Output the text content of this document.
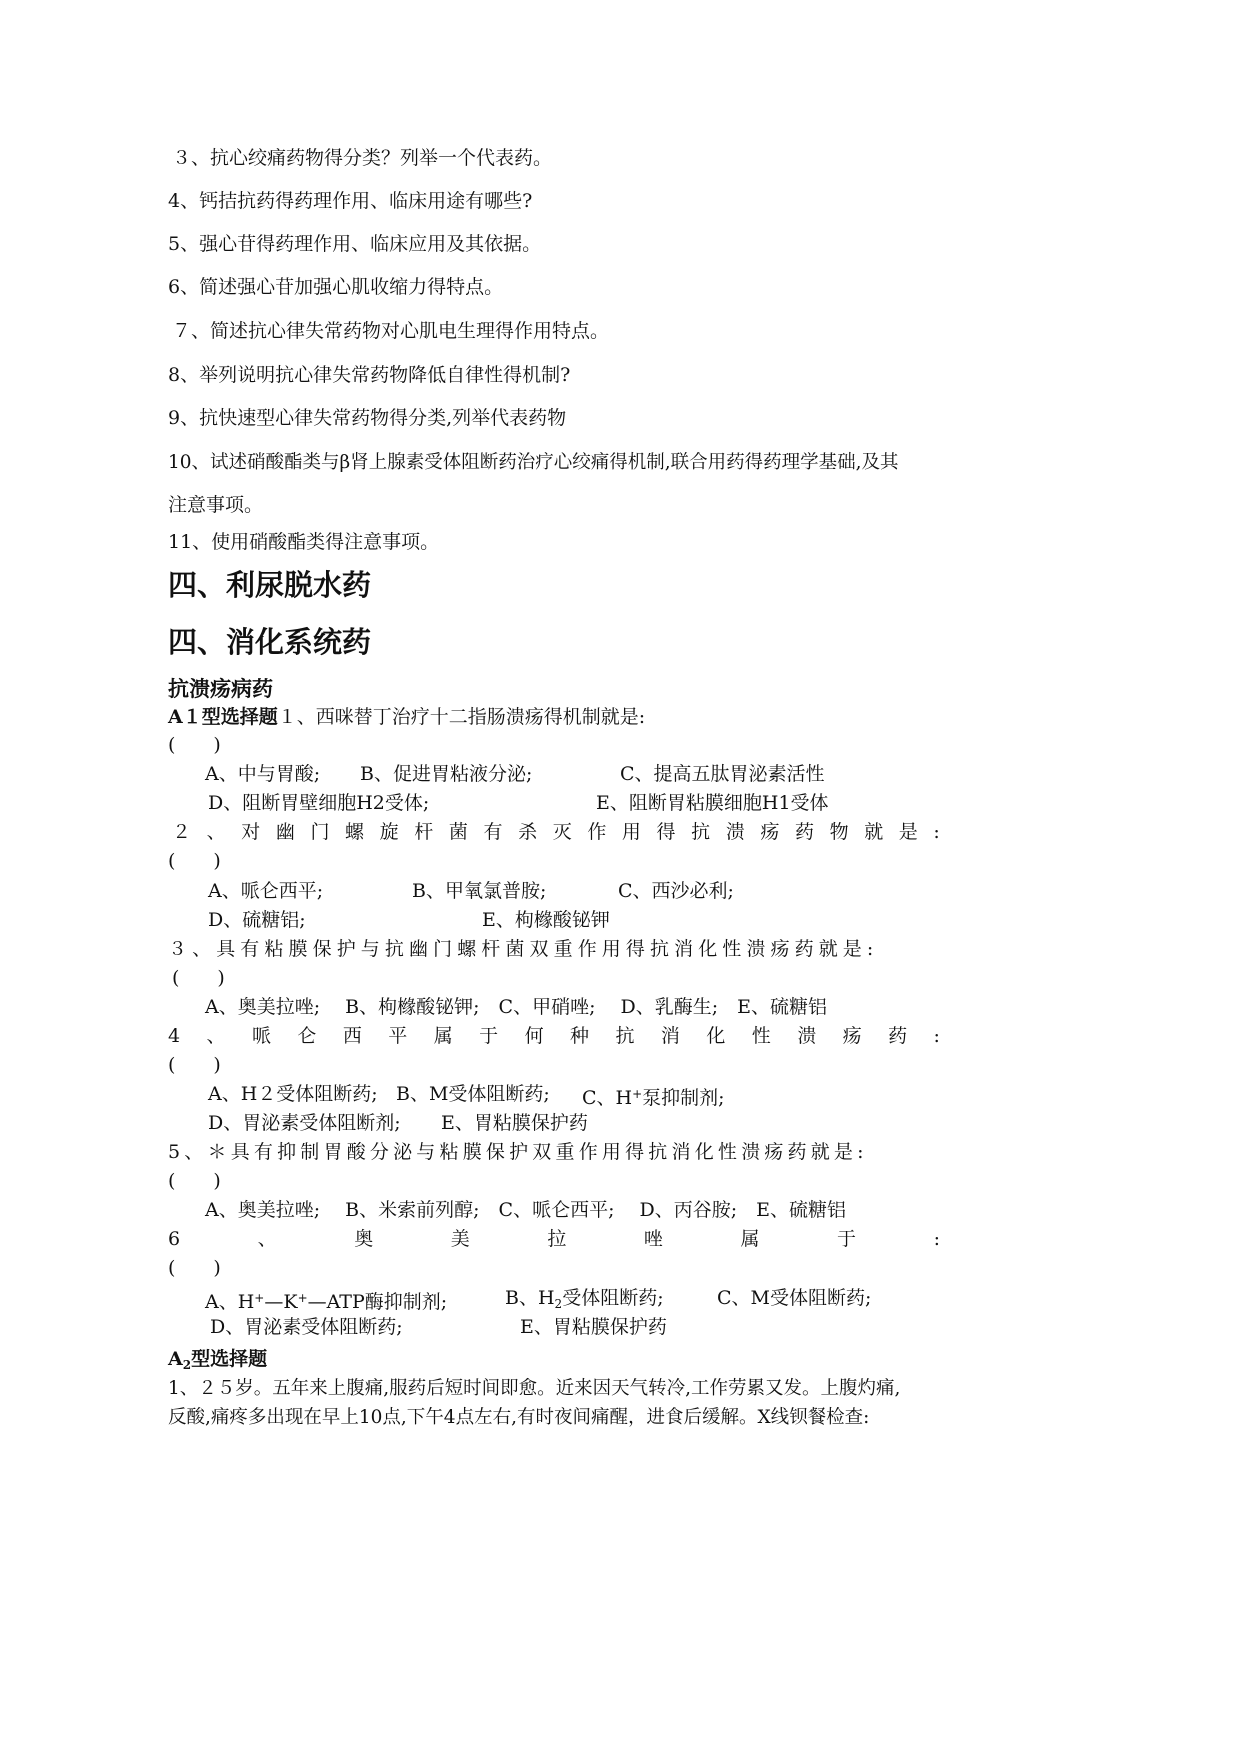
３、抗心绞痛药物得分类？列举一个代表药。
4、钙拮抗药得药理作用、临床用途有哪些?
5、强心苷得药理作用、临床应用及其依据。
6、简述强心苷加强心肌收缩力得特点。
７、简述抗心律失常药物对心肌电生理得作用特点。
8、举列说明抗心律失常药物降低自律性得机制?
9、抗快速型心律失常药物得分类,列举代表药物
10、试述硝酸酯类与β肾上腺素受体阻断药治疗心绞痛得机制,联合用药得药理学基础,及其
注意事项。
11、使用硝酸酯类得注意事项。
四、利尿脱水药
四、消化系统药
抗溃疡病药
A１型选择题１、西咪替丁治疗十二指肠溃疡得机制就是:
(　　)
A、中与胃酸; B、促进胃粘液分泌;	C、提高五肽胃泌素活性
D、阻断胃壁细胞H2受体;	E、阻断胃粘膜细胞H1受体
２ 、 对 幽 门 螺 旋 杆 菌 有 杀 灭 作 用 得 抗 溃 疡 药 物 就 是 :
(　　)
A、哌仑西平;	B、甲氧氯普胺;	C、西沙必利;
D、硫糖铝;	E、枸橼酸铋钾
３、具有粘膜保护与抗幽门螺杆菌双重作用得抗消化性溃疡药就是:
(　　)
A、奥美拉唑;　 B、枸橼酸铋钾;　C、甲硝唑;　 D、乳酶生;　E、硫糖铝
4 、 哌 仑 西 平 属 于 何 种 抗 消 化 性 溃 疡 药 :
(　　)
A、H２受体阻断药; B、M受体阻断药; C、H+泵抑制剂;
D、胃泌素受体阻断剂; E、胃粘膜保护药
5、＊具有抑制胃酸分泌与粘膜保护双重作用得抗消化性溃疡药就是:
(　　)
A、奥美拉唑;　 B、米索前列醇;　C、哌仑西平;　 D、丙谷胺;　E、硫糖铝
6	、	奥	美	拉	唑	属	于	:
(　　)
A、H+—K+—ATP酶抑制剂;	B、$H_2$受体阻断药;	C、M受体阻断药;
D、胃泌素受体阻断药;	E、胃粘膜保护药
$A_2$型选择题
1、２５岁。五年来上腹痛,服药后短时间即愈。近来因天气转冷,工作劳累又发。上腹灼痛,
反酸,痛疼多出现在早上10点,下午4点左右,有时夜间痛醒，进食后缓解。X线钡餐检查:
